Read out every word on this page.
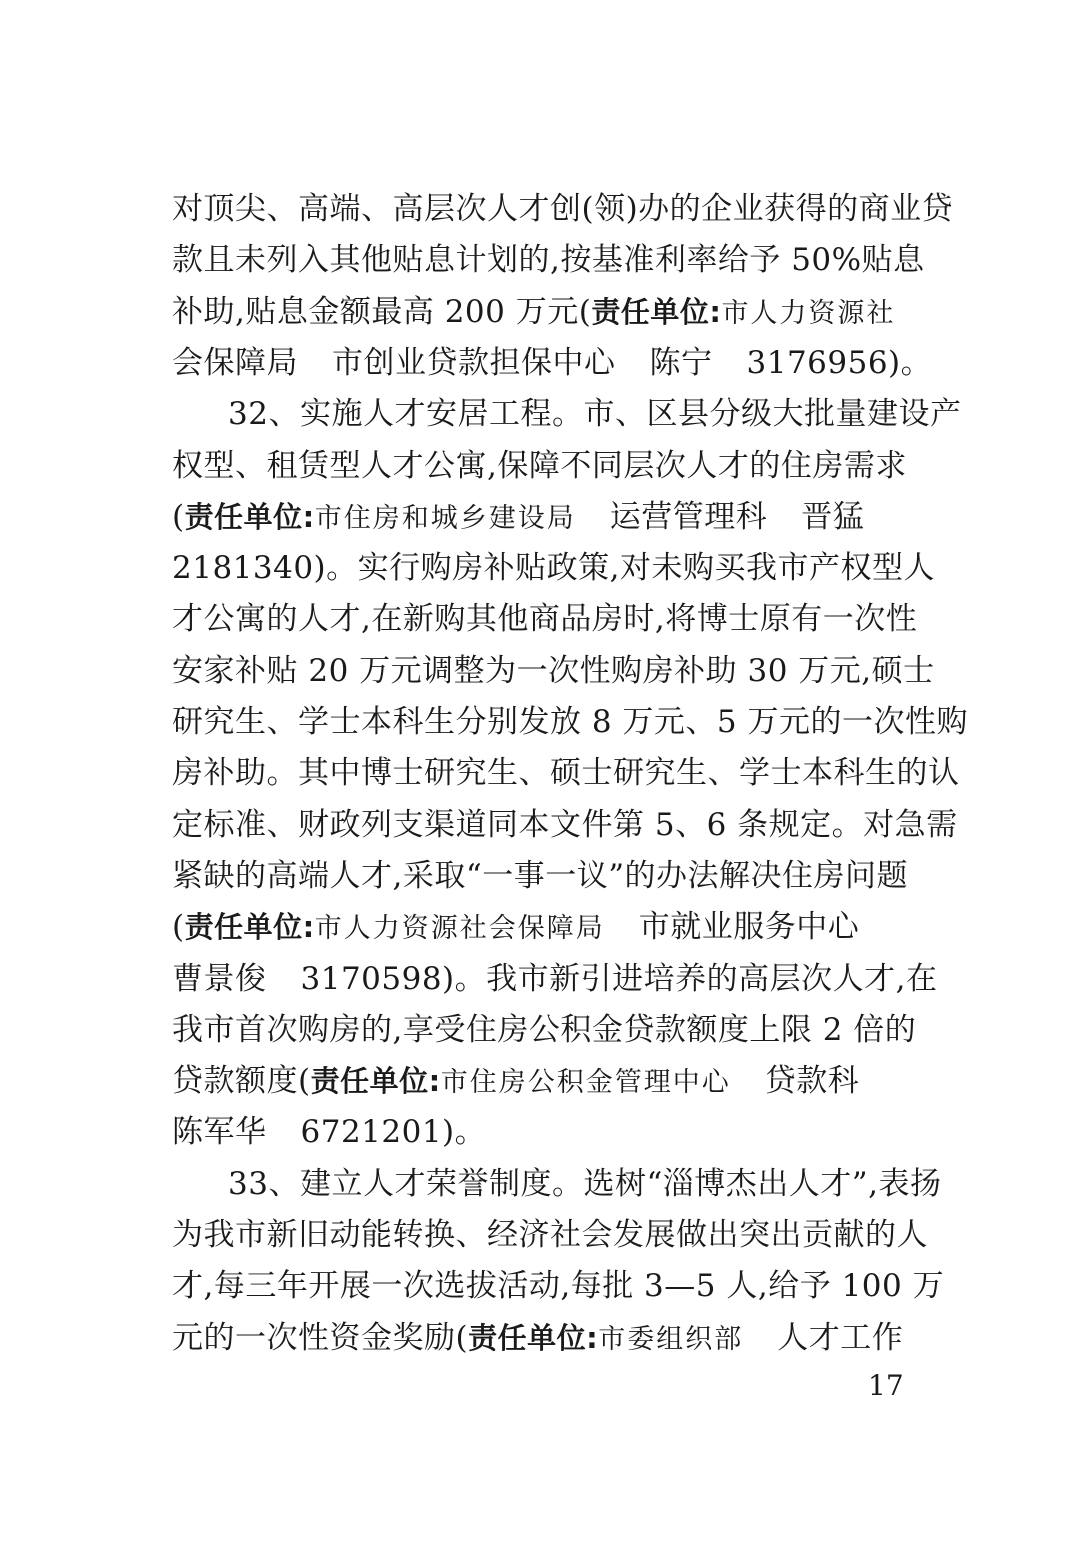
对顶尖、高端、高层次人才创(领)办的企业获得的商业贷
款且未列入其他贴息计划的,按基准利率给予 50%贴息
补助,贴息金额最高 200 万元(责任单位:市人力资源社
会保障局 市创业贷款担保中心 陈宁 3176956)。
32、实施人才安居工程。市、区县分级大批量建设产
权型、租赁型人才公寓,保障不同层次人才的住房需求
(责任单位:市住房和城乡建设局 运营管理科 晋猛
2181340)。实行购房补贴政策,对未购买我市产权型人
才公寓的人才,在新购其他商品房时,将博士原有一次性
安家补贴 20 万元调整为一次性购房补助 30 万元,硕士
研究生、学士本科生分别发放 8 万元、5 万元的一次性购
房补助。其中博士研究生、硕士研究生、学士本科生的认
定标准、财政列支渠道同本文件第 5、6 条规定。对急需
紧缺的高端人才,采取“一事一议”的办法解决住房问题
(责任单位:市人力资源社会保障局 市就业服务中心
曹景俊 3170598)。我市新引进培养的高层次人才,在
我市首次购房的,享受住房公积金贷款额度上限 2 倍的
贷款额度(责任单位:市住房公积金管理中心 贷款科
陈军华 6721201)。
33、建立人才荣誉制度。选树“淄博杰出人才”,表扬
为我市新旧动能转换、经济社会发展做出突出贡献的人
才,每三年开展一次选拔活动,每批 3—5 人,给予 100 万
元的一次性资金奖励(责任单位:市委组织部 人才工作
17
